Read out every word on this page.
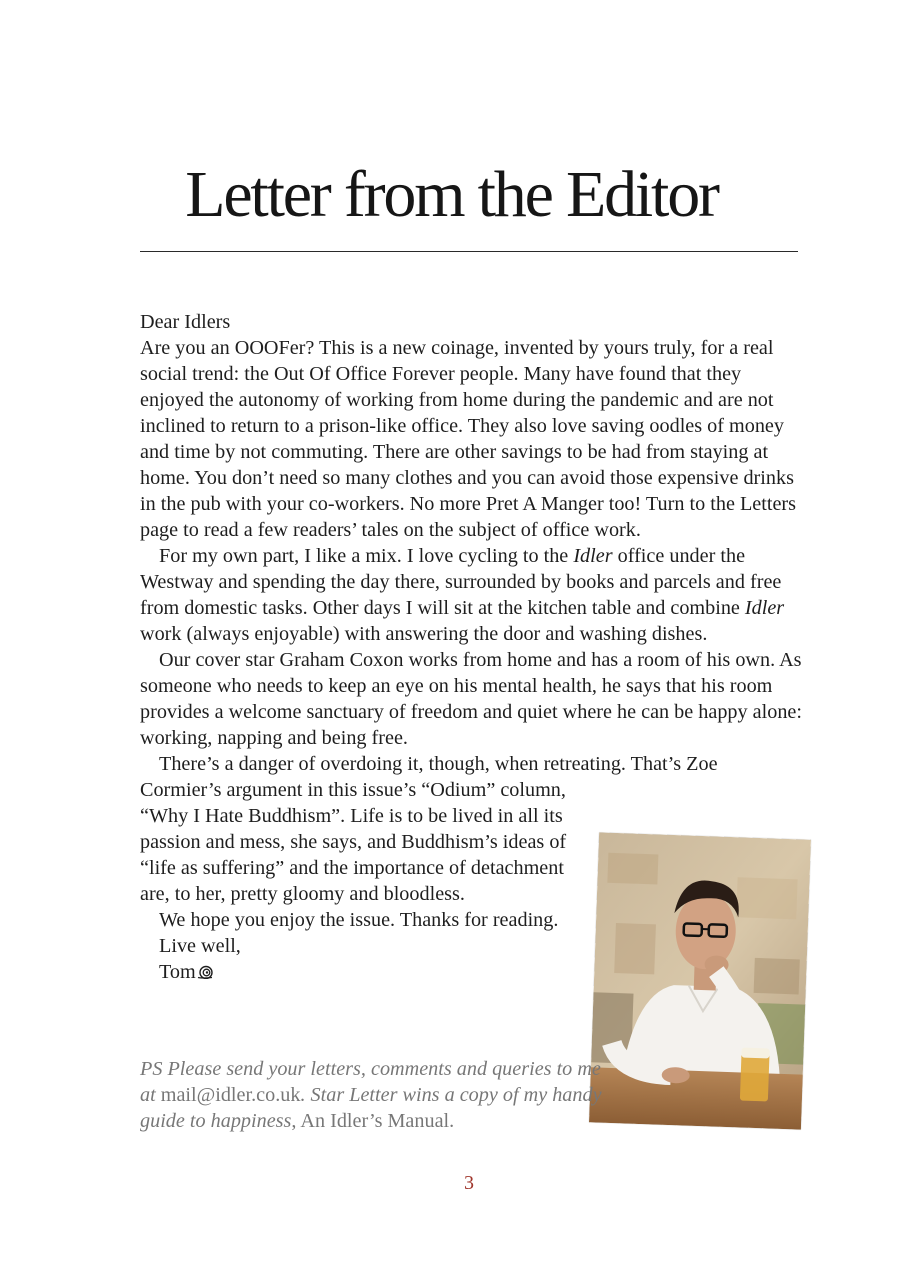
Letter from the Editor

Dear Idlers

Are you an OOOFer? This is a new coinage, invented by yours truly, for a real social trend: the Out Of Office Forever people. Many have found that they enjoyed the autonomy of working from home during the pandemic and are not inclined to return to a prison-like office. They also love saving oodles of money and time by not commuting. There are other savings to be had from staying at home. You don’t need so many clothes and you can avoid those expensive drinks in the pub with your co-workers. No more Pret A Manger too! Turn to the Letters page to read a few readers’ tales on the subject of office work.

For my own part, I like a mix. I love cycling to the Idler office under the Westway and spending the day there, surrounded by books and parcels and free from domestic tasks. Other days I will sit at the kitchen table and combine Idler work (always enjoyable) with answering the door and washing dishes.

Our cover star Graham Coxon works from home and has a room of his own. As someone who needs to keep an eye on his mental health, he says that his room provides a welcome sanctuary of freedom and quiet where he can be happy alone: working, napping and being free.

There’s a danger of overdoing it, though, when retreating. That’s Zoe
Cormier’s argument in this issue’s “Odium” column,
“Why I Hate Buddhism”. Life is to be lived in all its
passion and mess, she says, and Buddhism’s ideas of
“life as suffering” and the importance of detachment
are, to her, pretty gloomy and bloodless.

We hope you enjoy the issue. Thanks for reading.

Live well,

Tom

PS Please send your letters, comments and queries to me at mail@idler.co.uk. Star Letter wins a copy of my handy guide to happiness, An Idler’s Manual.
3
